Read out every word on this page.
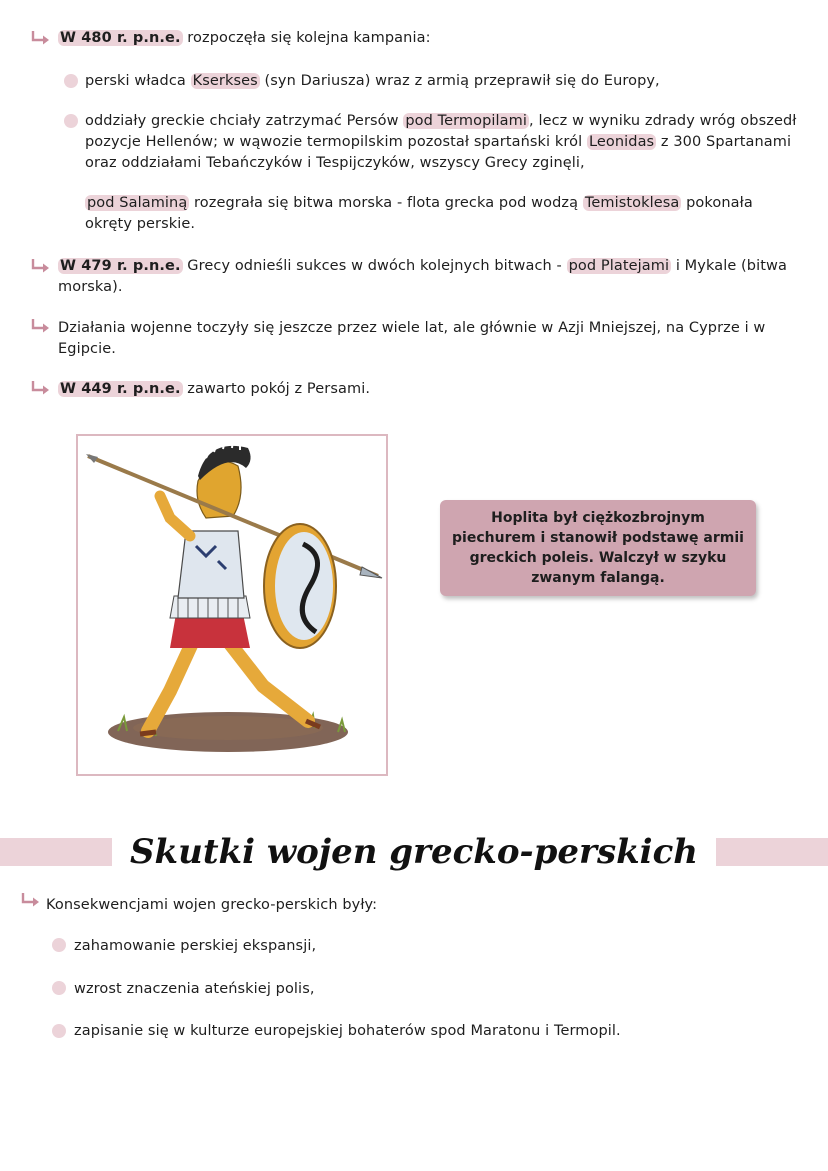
W 480 r. p.n.e. rozpoczęła się kolejna kampania:
perski władca Kserkses (syn Dariusza) wraz z armią przeprawił się do Europy,
oddziały greckie chciały zatrzymać Persów pod Termopilami , lecz w wyniku zdrady wróg obszedł pozycje Hellenów; w wąwozie termopilskim pozostał spartański król Leonidas z 300 Spartanami oraz oddziałami Tebańczyków i Tespijczyków, wszyscy Grecy zginęli,
pod Salaminą rozegrała się bitwa morska - flota grecka pod wodzą Temistoklesa pokonała okręty perskie.
W 479 r. p.n.e. Grecy odnieśli sukces w dwóch kolejnych bitwach - pod Platejami i Mykale (bitwa morska).
Działania wojenne toczyły się jeszcze przez wiele lat, ale głównie w Azji Mniejszej, na Cyprze i w Egipcie.
W 449 r. p.n.e. zawarto pokój z Persami.
Hoplita był ciężkozbrojnym piechurem i stanowił podstawę armii greckich poleis. Walczył w szyku zwanym falangą.
Skutki wojen grecko-perskich
Konsekwencjami wojen grecko-perskich były:
zahamowanie perskiej ekspansji,
wzrost znaczenia ateńskiej polis,
zapisanie się w kulturze europejskiej bohaterów spod Maratonu i Termopil.
